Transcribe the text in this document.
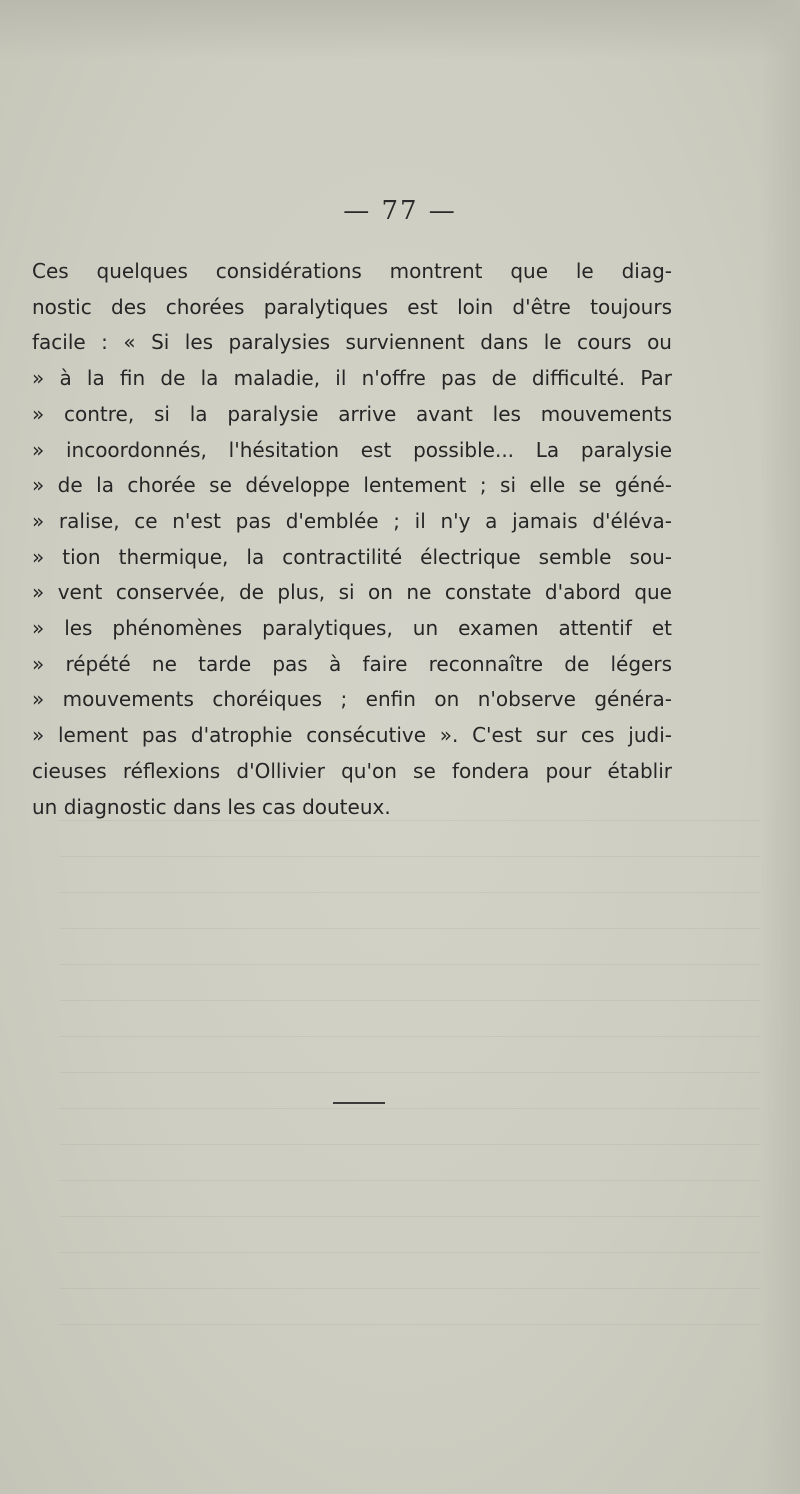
— 77 —
Ces quelques considérations montrent que le diag-
nostic des chorées paralytiques est loin d'être toujours
facile : « Si les paralysies surviennent dans le cours ou
» à la fin de la maladie, il n'offre pas de difficulté. Par
» contre, si la paralysie arrive avant les mouvements
» incoordonnés, l'hésitation est possible... La paralysie
» de la chorée se développe lentement ; si elle se géné-
» ralise, ce n'est pas d'emblée ; il n'y a jamais d'éléva-
» tion thermique, la contractilité électrique semble sou-
» vent conservée, de plus, si on ne constate d'abord que
» les phénomènes paralytiques, un examen attentif et
» répété ne tarde pas à faire reconnaître de légers
» mouvements choréiques ; enfin on n'observe généra-
» lement pas d'atrophie consécutive ». C'est sur ces judi-
cieuses réflexions d'Ollivier qu'on se fondera pour établir
un diagnostic dans les cas douteux.
